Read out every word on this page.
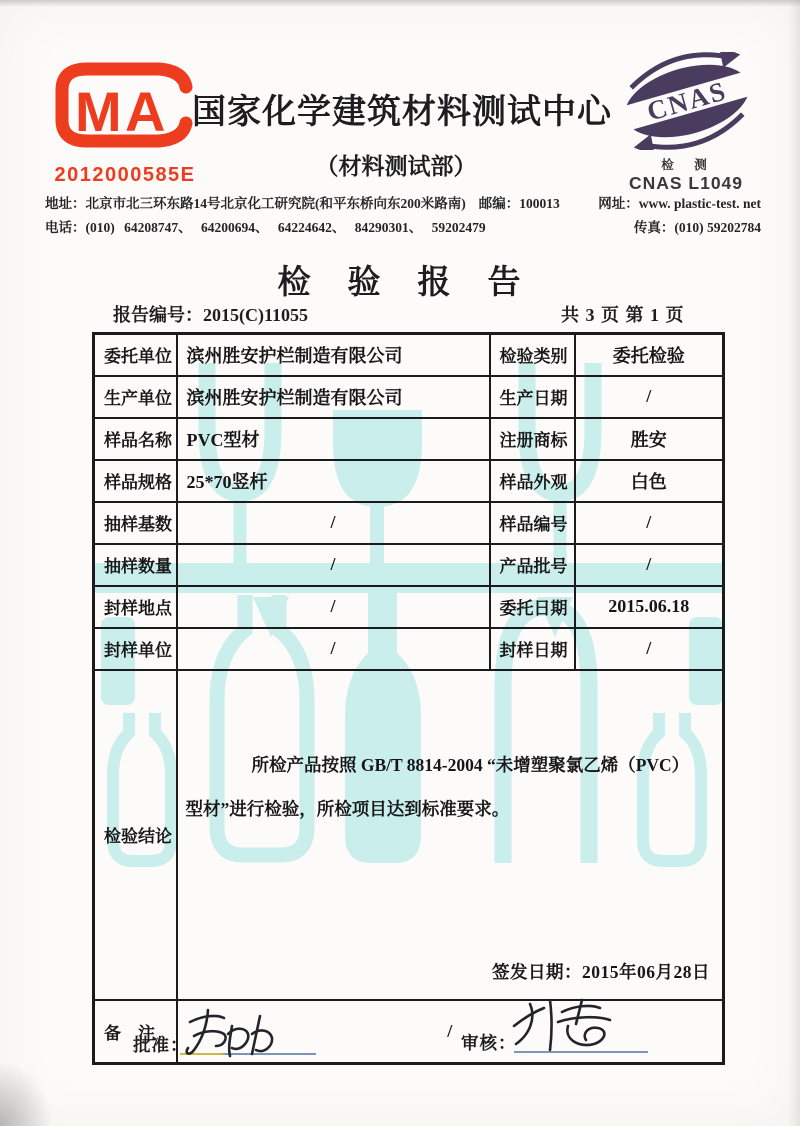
M A
2012000585E
国家化学建筑材料测试中心
（材料测试部）
CNAS
检　测
CNAS L1049
地址：北京市北三环东路14号北京化工研究院(和平东桥向东200米路南) 邮编：100013	网址：www. plastic-test. net
电话：(010) 64208747、 64200694、 64224642、 84290301、 59202479	传真：(010) 59202784
检　验　报　告
报告编号：2015(C)11055	共 3 页 第 1 页
委托单位	滨州胜安护栏制造有限公司	检验类别	委托检验
生产单位	滨州胜安护栏制造有限公司	生产日期	/
样品名称	PVC型材	注册商标	胜安
样品规格	25*70竖杆	样品外观	白色
抽样基数	/	样品编号	/
抽样数量	/	产品批号	/
封样地点	/	委托日期	2015.06.18
封样单位	/	封样日期	/
检验结论	所检产品按照 GB/T 8814-2004 “未增塑聚氯乙烯（PVC）
型材”进行检验，所检项目达到标准要求。
签发日期：2015年06月28日		

备　注	/		
批准：	审核：
